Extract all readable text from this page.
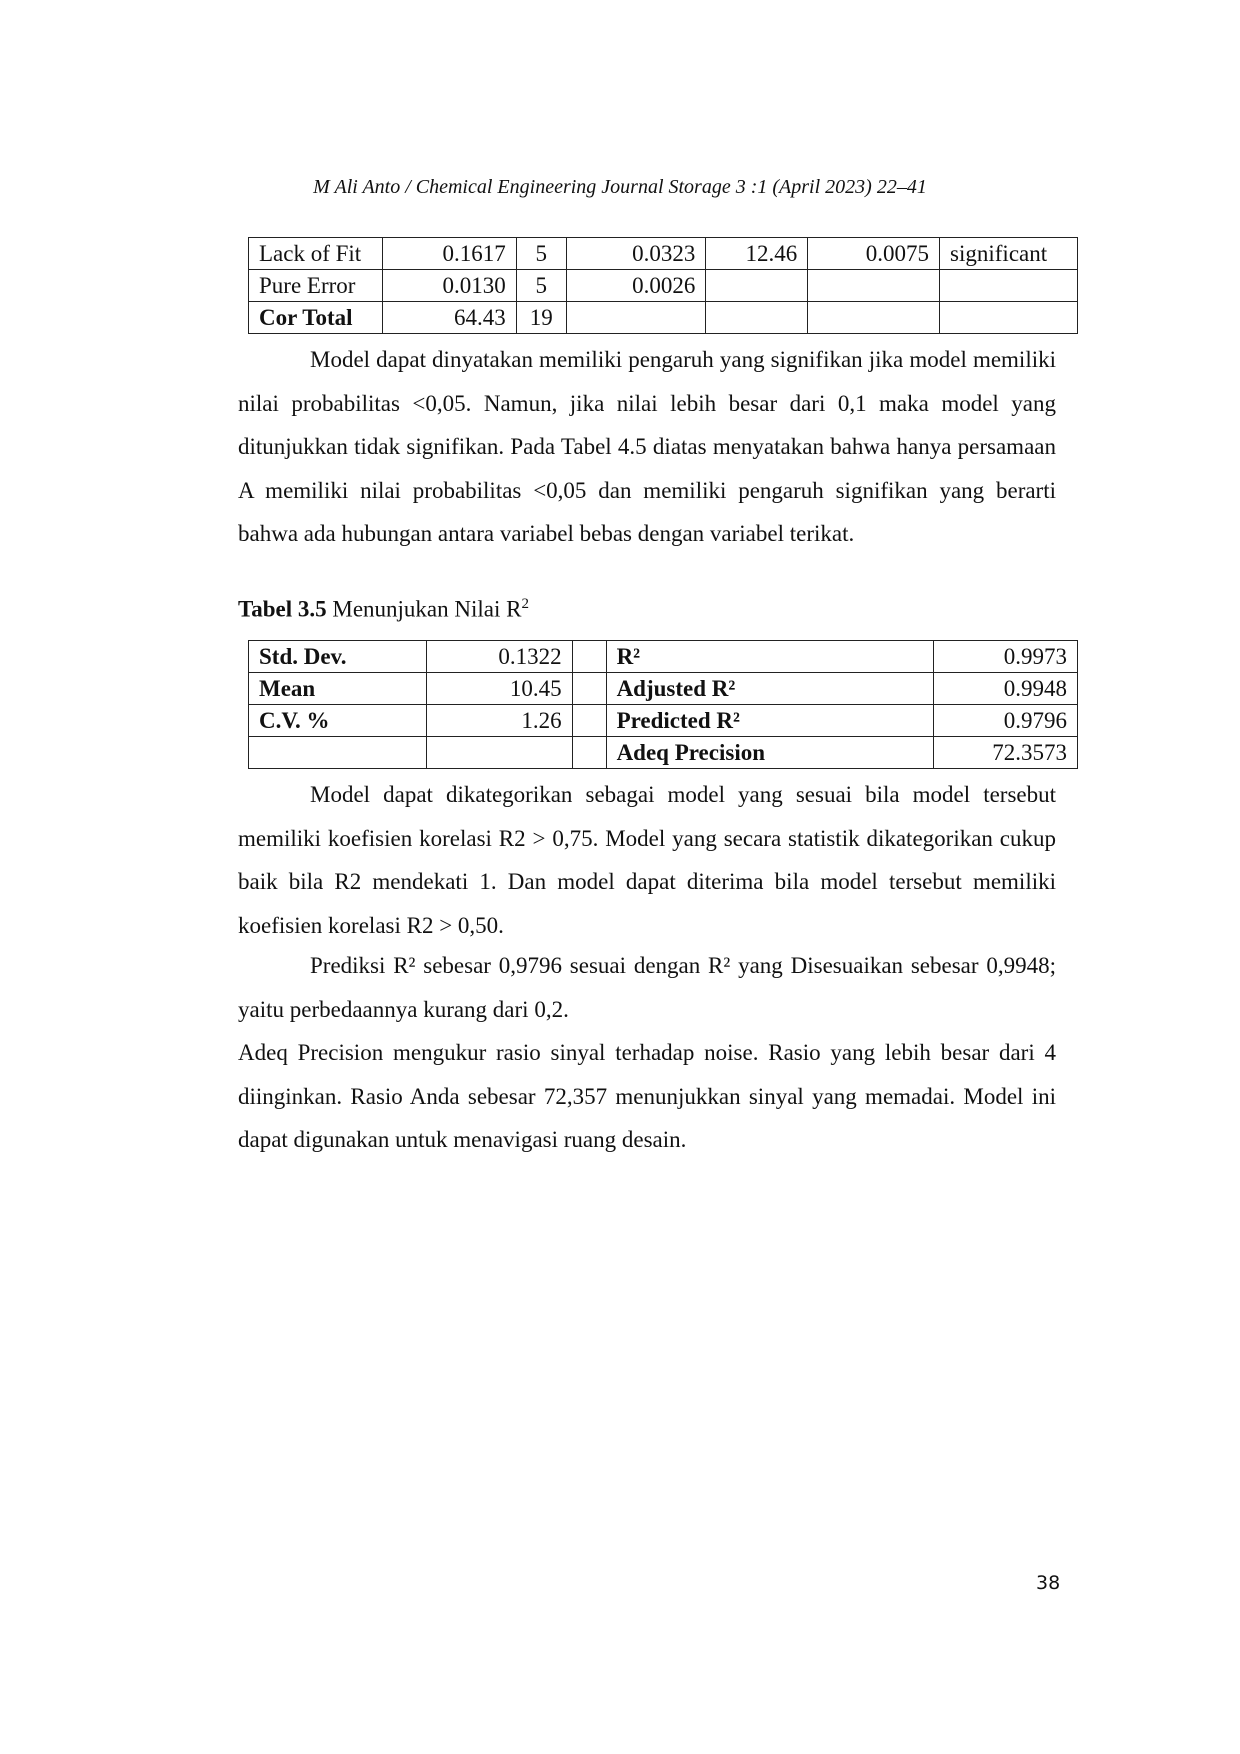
M Ali Anto / Chemical Engineering Journal Storage 3 :1 (April 2023) 22–41
Lack of Fit	0.1617	5	0.0323	12.46	0.0075	significant
Pure Error	0.0130	5	0.0026			
Cor Total	64.43	19				
Model dapat dinyatakan memiliki pengaruh yang signifikan jika model memiliki nilai probabilitas <0,05. Namun, jika nilai lebih besar dari 0,1 maka model yang ditunjukkan tidak signifikan. Pada Tabel 4.5 diatas menyatakan bahwa hanya persamaan A memiliki nilai probabilitas <0,05 dan memiliki pengaruh signifikan yang berarti bahwa ada hubungan antara variabel bebas dengan variabel terikat.
Tabel 3.5 Menunjukan Nilai $R^2$
Std. Dev.	0.1322		R²	0.9973
Mean	10.45		Adjusted R²	0.9948
C.V. %	1.26		Predicted R²	0.9796
			Adeq Precision	72.3573
Model dapat dikategorikan sebagai model yang sesuai bila model tersebut memiliki koefisien korelasi R2 > 0,75. Model yang secara statistik dikategorikan cukup baik bila R2 mendekati 1. Dan model dapat diterima bila model tersebut memiliki koefisien korelasi R2 > 0,50.
Prediksi R² sebesar 0,9796 sesuai dengan R² yang Disesuaikan sebesar 0,9948; yaitu perbedaannya kurang dari 0,2.
Adeq Precision mengukur rasio sinyal terhadap noise. Rasio yang lebih besar dari 4 diinginkan. Rasio Anda sebesar 72,357 menunjukkan sinyal yang memadai. Model ini dapat digunakan untuk menavigasi ruang desain.
38
